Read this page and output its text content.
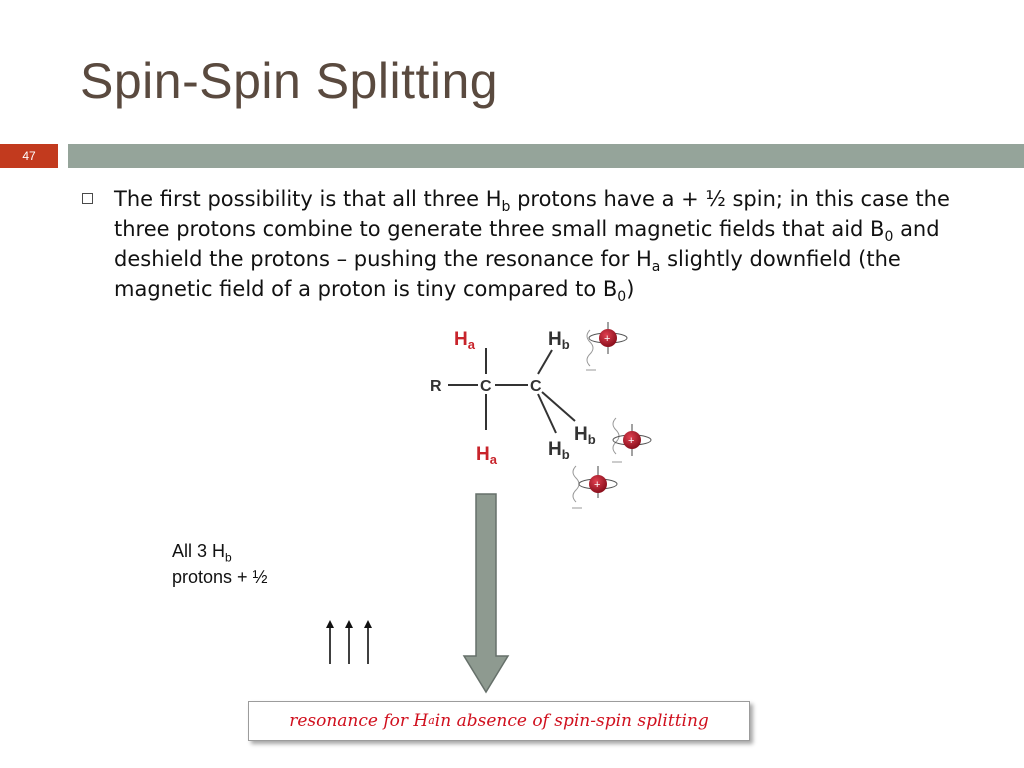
Spin-Spin Splitting
47
The first possibility is that all three $H_b$ protons have a + ½ spin; in this case the three protons combine to generate three small magnetic fields that aid $B_0$ and deshield the protons – pushing the resonance for $H_a$ slightly downfield (the magnetic field of a proton is tiny compared to $B_0$)
$H_a$	$H_b$
R C C
$H_a$
$H_b$
$H_b$
+
+
+
All 3 $H_b$
protons + ½
resonance for H a in absence of spin-spin splitting
